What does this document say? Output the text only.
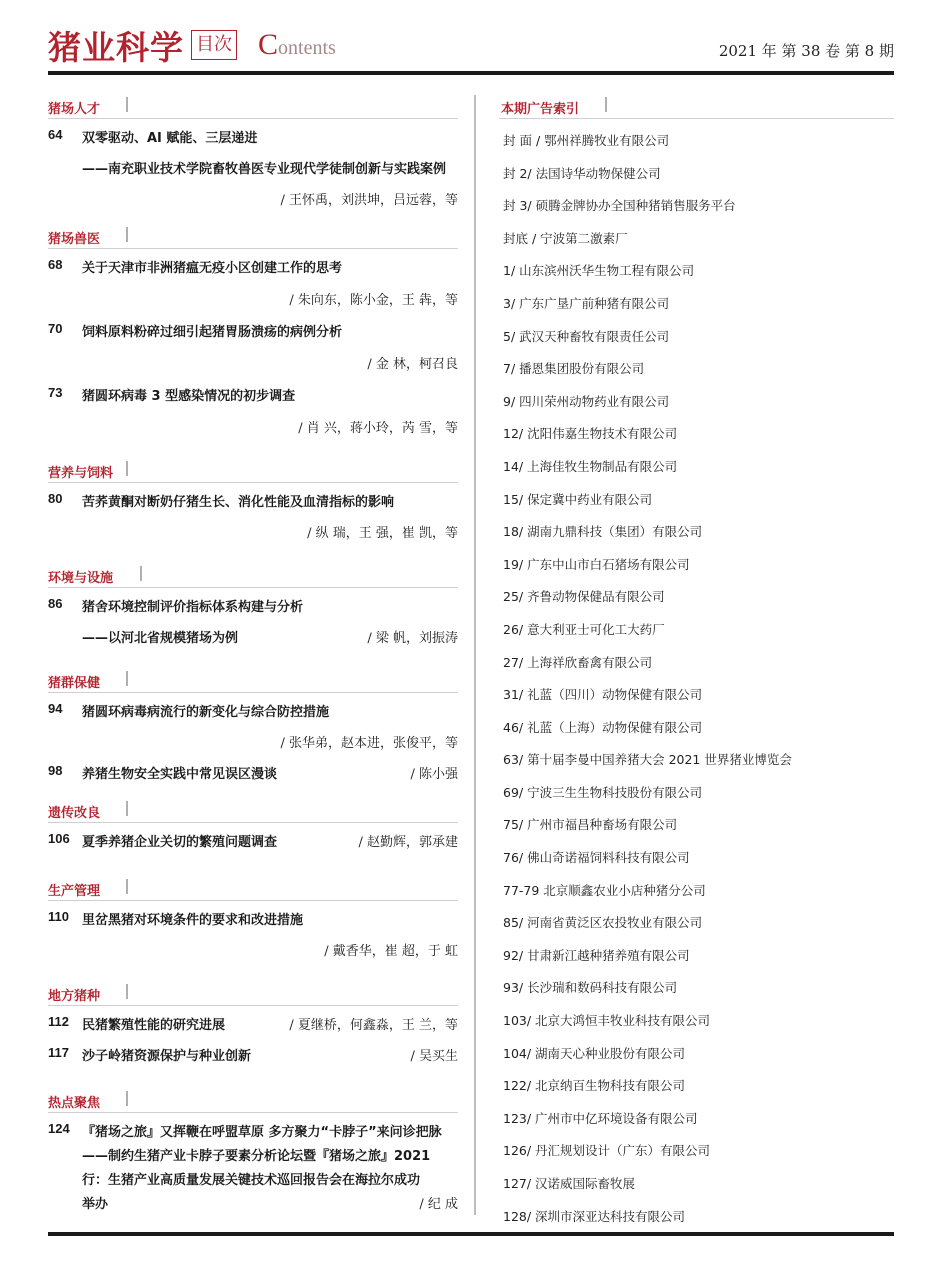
猪业科学 目次 Contents	2021 年 第 38 卷 第 8 期
猪场人才
64 双零驱动、AI 赋能、三层递进
——南充职业技术学院畜牧兽医专业现代学徒制创新与实践案例
/ 王怀禹，刘洪坤，吕远蓉，等
猪场兽医
68 关于天津市非洲猪瘟无疫小区创建工作的思考
/ 朱向东，陈小金，王 犇，等
70 饲料原料粉碎过细引起猪胃肠溃疡的病例分析
/ 金 林，柯召良
73 猪圆环病毒 3 型感染情况的初步调查
/ 肖 兴，蒋小玲，芮 雪，等
营养与饲料
80 苦荞黄酮对断奶仔猪生长、消化性能及血清指标的影响
/ 纵 瑞，王 强，崔 凯，等
环境与设施
86 猪舍环境控制评价指标体系构建与分析
——以河北省规模猪场为例	/ 梁 帆，刘振涛
猪群保健
94 猪圆环病毒病流行的新变化与综合防控措施
/ 张华弟，赵本进，张俊平，等
98 养猪生物安全实践中常见误区漫谈	/ 陈小强
遗传改良
106 夏季养猪企业关切的繁殖问题调查	/ 赵勤辉，郭承建
生产管理
110 里岔黑猪对环境条件的要求和改进措施
/ 戴香华，崔 超，于 虹
地方猪种
112 民猪繁殖性能的研究进展	/ 夏继桥，何鑫淼，王 兰，等
117 沙子岭猪资源保护与种业创新	/ 吴买生
热点聚焦
124 『猪场之旅』又挥鞭在呼盟草原 多方聚力“卡脖子”来问诊把脉
——制约生猪产业卡脖子要素分析论坛暨『猪场之旅』2021
行：生猪产业高质量发展关键技术巡回报告会在海拉尔成功
举办	/ 纪 成
本期广告索引
封 面 / 鄂州祥腾牧业有限公司
封 2/ 法国诗华动物保健公司
封 3/ 硕腾金牌协办全国种猪销售服务平台
封底 / 宁波第二激素厂
1/ 山东滨州沃华生物工程有限公司
3/ 广东广垦广前种猪有限公司
5/ 武汉天种畜牧有限责任公司
7/ 播恩集团股份有限公司
9/ 四川荣州动物药业有限公司
12/ 沈阳伟嘉生物技术有限公司
14/ 上海佳牧生物制品有限公司
15/ 保定冀中药业有限公司
18/ 湖南九鼎科技（集团）有限公司
19/ 广东中山市白石猪场有限公司
25/ 齐鲁动物保健品有限公司
26/ 意大利亚士可化工大药厂
27/ 上海祥欣畜禽有限公司
31/ 礼蓝（四川）动物保健有限公司
46/ 礼蓝（上海）动物保健有限公司
63/ 第十届李曼中国养猪大会 2021 世界猪业博览会
69/ 宁波三生生物科技股份有限公司
75/ 广州市福昌种畜场有限公司
76/ 佛山奇诺福饲料科技有限公司
77-79 北京顺鑫农业小店种猪分公司
85/ 河南省黄泛区农投牧业有限公司
92/ 甘肃新江越种猪养殖有限公司
93/ 长沙瑞和数码科技有限公司
103/ 北京大鸿恒丰牧业科技有限公司
104/ 湖南天心种业股份有限公司
122/ 北京纳百生物科技有限公司
123/ 广州市中亿环境设备有限公司
126/ 丹汇规划设计（广东）有限公司
127/ 汉诺威国际畜牧展
128/ 深圳市深亚达科技有限公司
